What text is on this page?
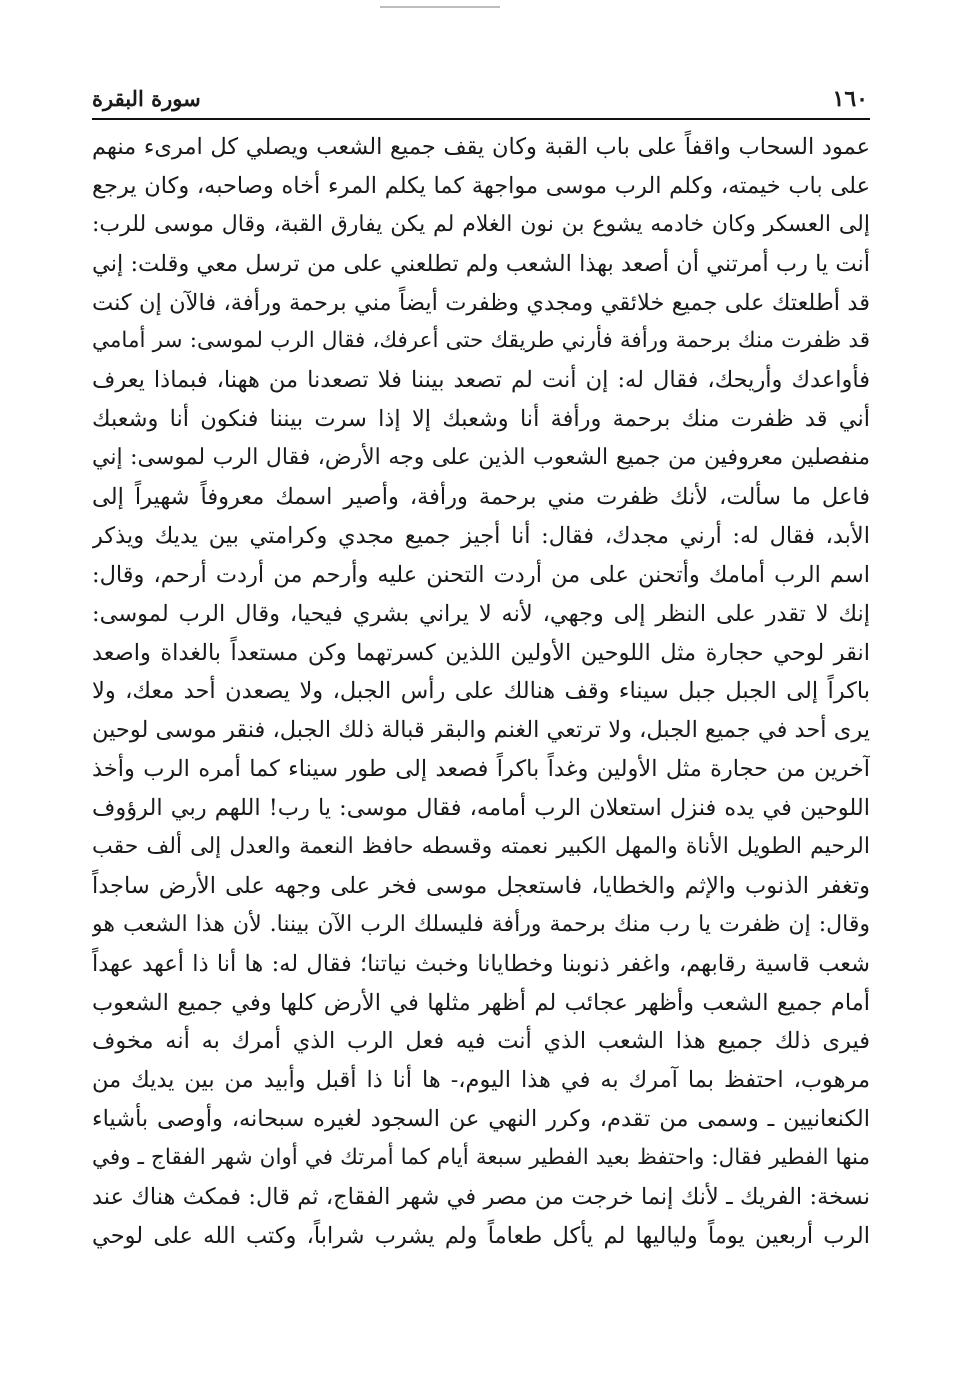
١٦٠
سورة البقرة
عمود السحاب واقفاً على باب القبة وكان يقف جميع الشعب ويصلي كل امرىء منهم
على باب خيمته، وكلم الرب موسى مواجهة كما يكلم المرء أخاه وصاحبه، وكان يرجع
إلى العسكر وكان خادمه يشوع بن نون الغلام لم يكن يفارق القبة، وقال موسى للرب:
أنت يا رب أمرتني أن أصعد بهذا الشعب ولم تطلعني على من ترسل معي وقلت: إني
قد أطلعتك على جميع خلائقي ومجدي وظفرت أيضاً مني برحمة ورأفة، فالآن إن كنت
قد ظفرت منك برحمة ورأفة فأرني طريقك حتى أعرفك، فقال الرب لموسى: سر أمامي
فأواعدك وأريحك، فقال له: إن أنت لم تصعد بيننا فلا تصعدنا من ههنا، فبماذا يعرف
أني قد ظفرت منك برحمة ورأفة أنا وشعبك إلا إذا سرت بيننا فنكون أنا وشعبك
منفصلين معروفين من جميع الشعوب الذين على وجه الأرض، فقال الرب لموسى: إني
فاعل ما سألت، لأنك ظفرت مني برحمة ورأفة، وأصير اسمك معروفاً شهيراً إلى
الأبد، فقال له: أرني مجدك، فقال: أنا أجيز جميع مجدي وكرامتي بين يديك ويذكر
اسم الرب أمامك وأتحنن على من أردت التحنن عليه وأرحم من أردت أرحم، وقال:
إنك لا تقدر على النظر إلى وجهي، لأنه لا يراني بشري فيحيا، وقال الرب لموسى:
انقر لوحي حجارة مثل اللوحين الأولين اللذين كسرتهما وكن مستعداً بالغداة واصعد
باكراً إلى الجبل جبل سيناء وقف هنالك على رأس الجبل، ولا يصعدن أحد معك، ولا
يرى أحد في جميع الجبل، ولا ترتعي الغنم والبقر قبالة ذلك الجبل، فنقر موسى لوحين
آخرين من حجارة مثل الأولين وغداً باكراً فصعد إلى طور سيناء كما أمره الرب وأخذ
اللوحين في يده فنزل استعلان الرب أمامه، فقال موسى: يا رب! اللهم ربي الرؤوف
الرحيم الطويل الأناة والمهل الكبير نعمته وقسطه حافظ النعمة والعدل إلى ألف حقب
وتغفر الذنوب والإثم والخطايا، فاستعجل موسى فخر على وجهه على الأرض ساجداً
وقال: إن ظفرت يا رب منك برحمة ورأفة فليسلك الرب الآن بيننا. لأن هذا الشعب هو
شعب قاسية رقابهم، واغفر ذنوبنا وخطايانا وخبث نياتنا؛ فقال له: ها أنا ذا أعهد عهداً
أمام جميع الشعب وأظهر عجائب لم أظهر مثلها في الأرض كلها وفي جميع الشعوب
فيرى ذلك جميع هذا الشعب الذي أنت فيه فعل الرب الذي أمرك به أنه مخوف
مرهوب، احتفظ بما آمرك به في هذا اليوم،- ها أنا ذا أقبل وأبيد من بين يديك من
الكنعانيين ـ وسمى من تقدم، وكرر النهي عن السجود لغيره سبحانه، وأوصى بأشياء
منها الفطير فقال: واحتفظ بعيد الفطير سبعة أيام كما أمرتك في أوان شهر الفقاج ـ وفي
نسخة: الفريك ـ لأنك إنما خرجت من مصر في شهر الفقاج، ثم قال: فمكث هناك عند
الرب أربعين يوماً ولياليها لم يأكل طعاماً ولم يشرب شراباً، وكتب الله على لوحي
